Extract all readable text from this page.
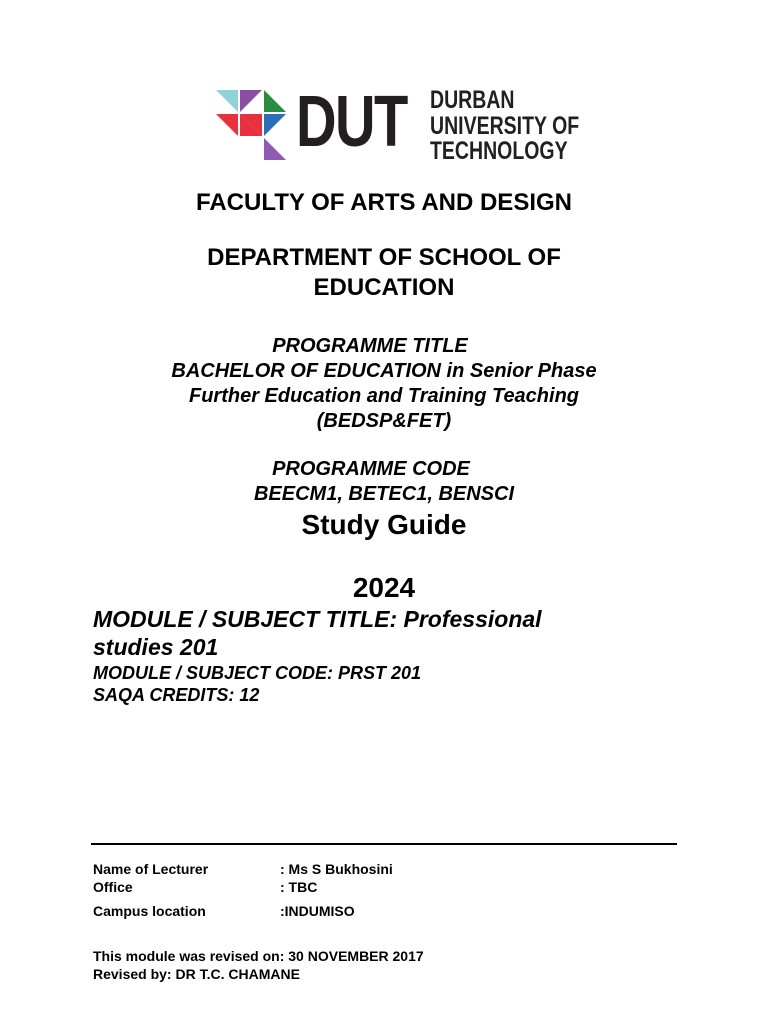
DUT DURBAN
UNIVERSITY OF
TECHNOLOGY
FACULTY OF ARTS AND DESIGN
DEPARTMENT OF SCHOOL OF
EDUCATION
PROGRAMME TITLE
BACHELOR OF EDUCATION in Senior Phase
Further Education and Training Teaching
(BEDSP&FET)
PROGRAMME CODE
BEECM1, BETEC1, BENSCI
Study Guide
2024
MODULE / SUBJECT TITLE: Professional
studies 201
MODULE / SUBJECT CODE: PRST 201
SAQA CREDITS: 12
Name of Lecturer	: Ms S Bukhosini
Office	: TBC
Campus location	:INDUMISO
This module was revised on: 30 NOVEMBER 2017
Revised by: DR T.C. CHAMANE
